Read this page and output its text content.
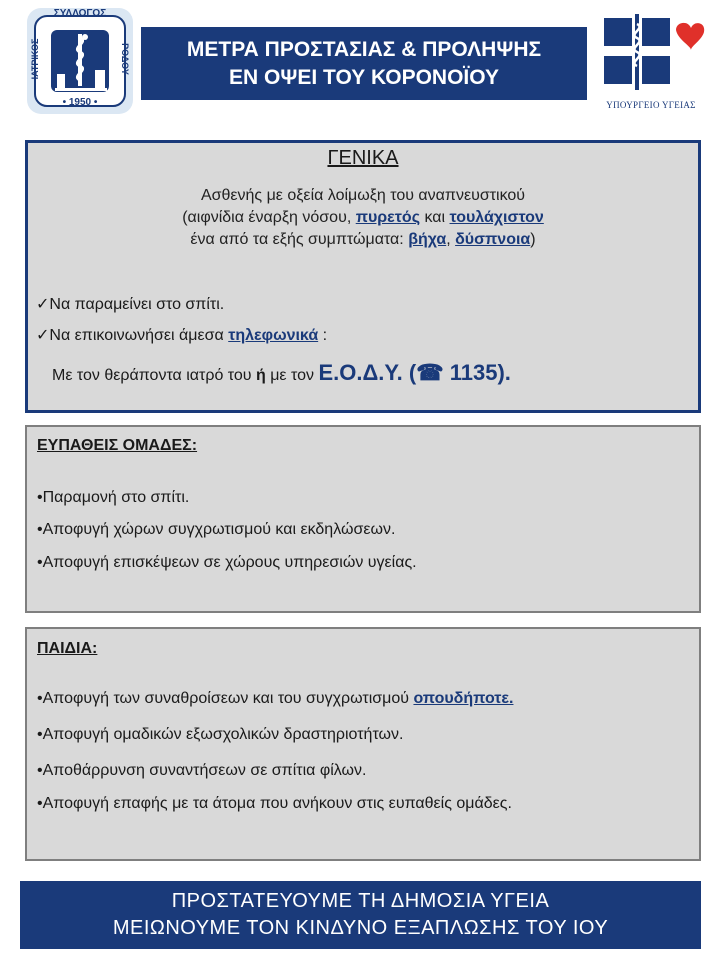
ΣΥΛΛΟΓΟΣ
ΙΑΤΡΙΚΟΣ	ΡΟΔΟΥ
• 1950 •
ΜΕΤΡΑ ΠΡΟΣΤΑΣΙΑΣ & ΠΡΟΛΗΨΗΣ
ΕΝ ΟΨΕΙ ΤΟΥ ΚΟΡΟΝΟΪΟΥ
ΥΠΟΥΡΓΕΙΟ ΥΓΕΙΑΣ
ΓΕΝΙΚΑ
Ασθενής με οξεία λοίμωξη του αναπνευστικού
(αιφνίδια έναρξη νόσου, πυρετός και τουλάχιστον
ένα από τα εξής συμπτώματα: βήχα, δύσπνοια)
✓Να παραμείνει στο σπίτι.
✓Να επικοινωνήσει άμεσα τηλεφωνικά :
Με τον θεράποντα ιατρό του ή με τον Ε.Ο.Δ.Υ. (☎ 1135).
ΕΥΠΑΘΕΙΣ ΟΜΑΔΕΣ:
•Παραμονή στο σπίτι.
•Αποφυγή χώρων συγχρωτισμού και εκδηλώσεων.
•Αποφυγή επισκέψεων σε χώρους υπηρεσιών υγείας.
ΠΑΙΔΙΑ:
•Αποφυγή των συναθροίσεων και του συγχρωτισμού οπουδήποτε.
•Αποφυγή ομαδικών εξωσχολικών δραστηριοτήτων.
•Αποθάρρυνση συναντήσεων σε σπίτια φίλων.
•Αποφυγή επαφής με τα άτομα που ανήκουν στις ευπαθείς ομάδες.
ΠΡΟΣΤΑΤΕΥΟΥΜΕ ΤΗ ΔΗΜΟΣΙΑ ΥΓΕΙΑ
ΜΕΙΩΝΟΥΜΕ ΤΟΝ ΚΙΝΔΥΝΟ ΕΞΑΠΛΩΣΗΣ ΤΟΥ ΙΟΥ
